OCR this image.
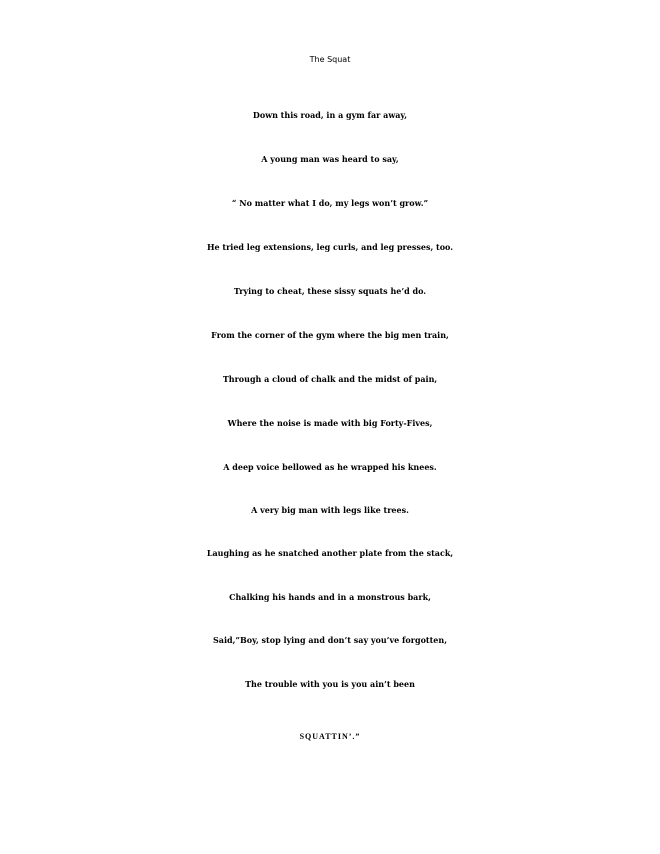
The Squat

Down this road, in a gym far away,

A young man was heard to say,

“ No matter what I do, my legs won’t grow.”

He tried leg extensions, leg curls, and leg presses, too.

Trying to cheat, these sissy squats he’d do.

From the corner of the gym where the big men train,

Through a cloud of chalk and the midst of pain,

Where the noise is made with big Forty-Fives,

A deep voice bellowed as he wrapped his knees.

A very big man with legs like trees.

Laughing as he snatched another plate from the stack,

Chalking his hands and in a monstrous bark,

Said,”Boy, stop lying and don’t say you’ve forgotten,

The trouble with you is you ain’t been

SQUATTIN’.”
